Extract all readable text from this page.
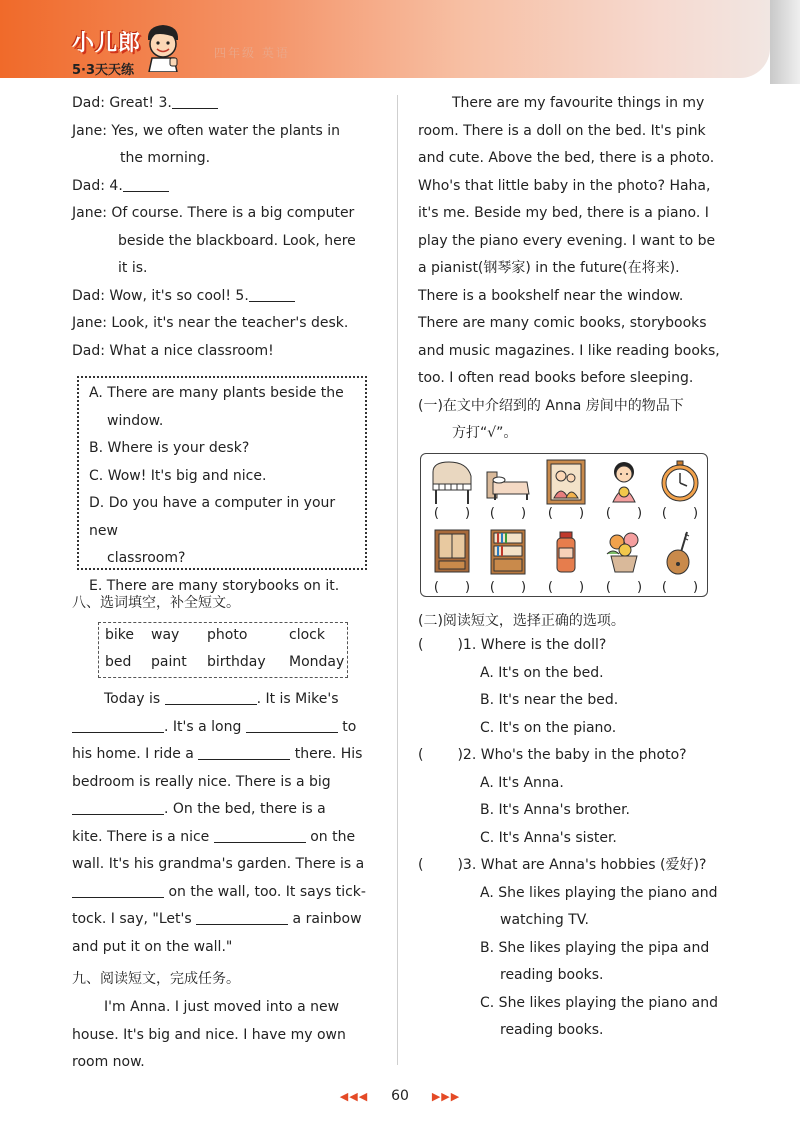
小儿郎
5·3天天练
四年级 英语
Dad: Great! 3.
Jane: Yes, we often water the plants in
the morning.
Dad: 4.
Jane: Of course. There is a big computer
beside the blackboard. Look, here
it is.
Dad: Wow, it's so cool! 5.
Jane: Look, it's near the teacher's desk.
Dad: What a nice classroom!
A. There are many plants beside the
window.
B. Where is your desk?
C. Wow! It's big and nice.
D. Do you have a computer in your new
classroom?
E. There are many storybooks on it.
八、选词填空，补全短文。
bike way photo	clock
bed paint birthday Monday
Today is	. It is Mike's
. It's a long	to
his home. I ride a	there. His
bedroom is really nice. There is a big
. On the bed, there is a
kite. There is a nice	on the
wall. It's his grandma's garden. There is a
on the wall, too. It says tick-
tock. I say, "Let's	a rainbow
and put it on the wall."
九、阅读短文，完成任务。
I'm Anna. I just moved into a new
house. It's big and nice. I have my own
room now.
There are my favourite things in my
room. There is a doll on the bed. It's pink
and cute. Above the bed, there is a photo.
Who's that little baby in the photo? Haha,
it's me. Beside my bed, there is a piano. I
play the piano every evening. I want to be
a pianist(钢琴家) in the future(在将来).
There is a bookshelf near the window.
There are many comic books, storybooks
and music magazines. I like reading books,
too. I often read books before sleeping.
(一)在文中介绍到的 Anna 房间中的物品下
方打“√”。
(　　)	(　　)	(　　)	(　　)	(　　)
(　　)	(　　)	(　　)	(　　)	(　　)
(二)阅读短文，选择正确的选项。
( )1. Where is the doll?
A. It's on the bed.
B. It's near the bed.
C. It's on the piano.
( )2. Who's the baby in the photo?
A. It's Anna.
B. It's Anna's brother.
C. It's Anna's sister.
( )3. What are Anna's hobbies (爱好)?
A. She likes playing the piano and
watching TV.
B. She likes playing the pipa and
reading books.
C. She likes playing the piano and
reading books.
◀◀◀ 60 ▶▶▶
